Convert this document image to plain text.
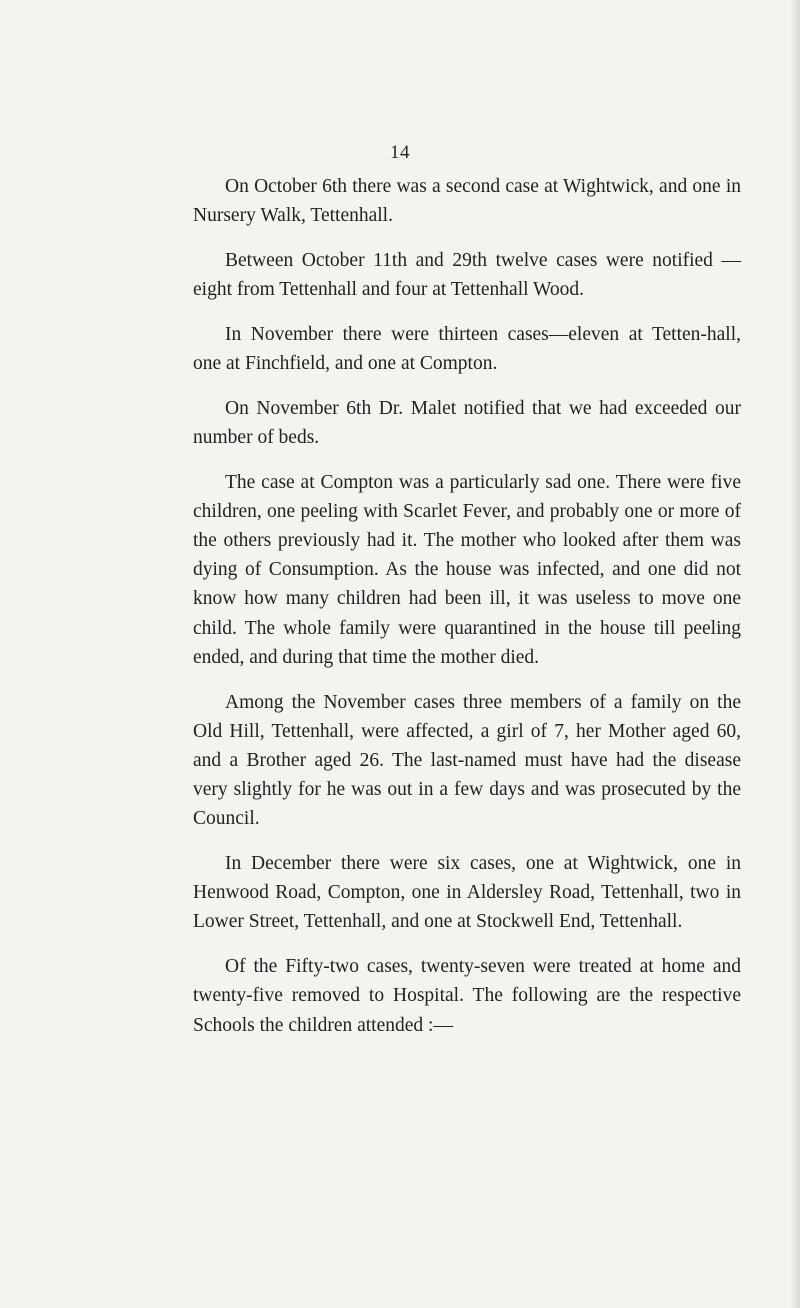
14

On October 6th there was a second case at Wightwick, and one in Nursery Walk, Tettenhall.

Between October 11th and 29th twelve cases were notified —eight from Tettenhall and four at Tettenhall Wood.

In November there were thirteen cases—eleven at Tetten-hall, one at Finchfield, and one at Compton.

On November 6th Dr. Malet notified that we had exceeded our number of beds.

The case at Compton was a particularly sad one. There were five children, one peeling with Scarlet Fever, and probably one or more of the others previously had it. The mother who looked after them was dying of Consumption. As the house was infected, and one did not know how many children had been ill, it was useless to move one child. The whole family were quarantined in the house till peeling ended, and during that time the mother died.

Among the November cases three members of a family on the Old Hill, Tettenhall, were affected, a girl of 7, her Mother aged 60, and a Brother aged 26. The last-named must have had the disease very slightly for he was out in a few days and was prosecuted by the Council.

In December there were six cases, one at Wightwick, one in Henwood Road, Compton, one in Aldersley Road, Tettenhall, two in Lower Street, Tettenhall, and one at Stockwell End, Tettenhall.

Of the Fifty-two cases, twenty-seven were treated at home and twenty-five removed to Hospital. The following are the respective Schools the children attended :—
